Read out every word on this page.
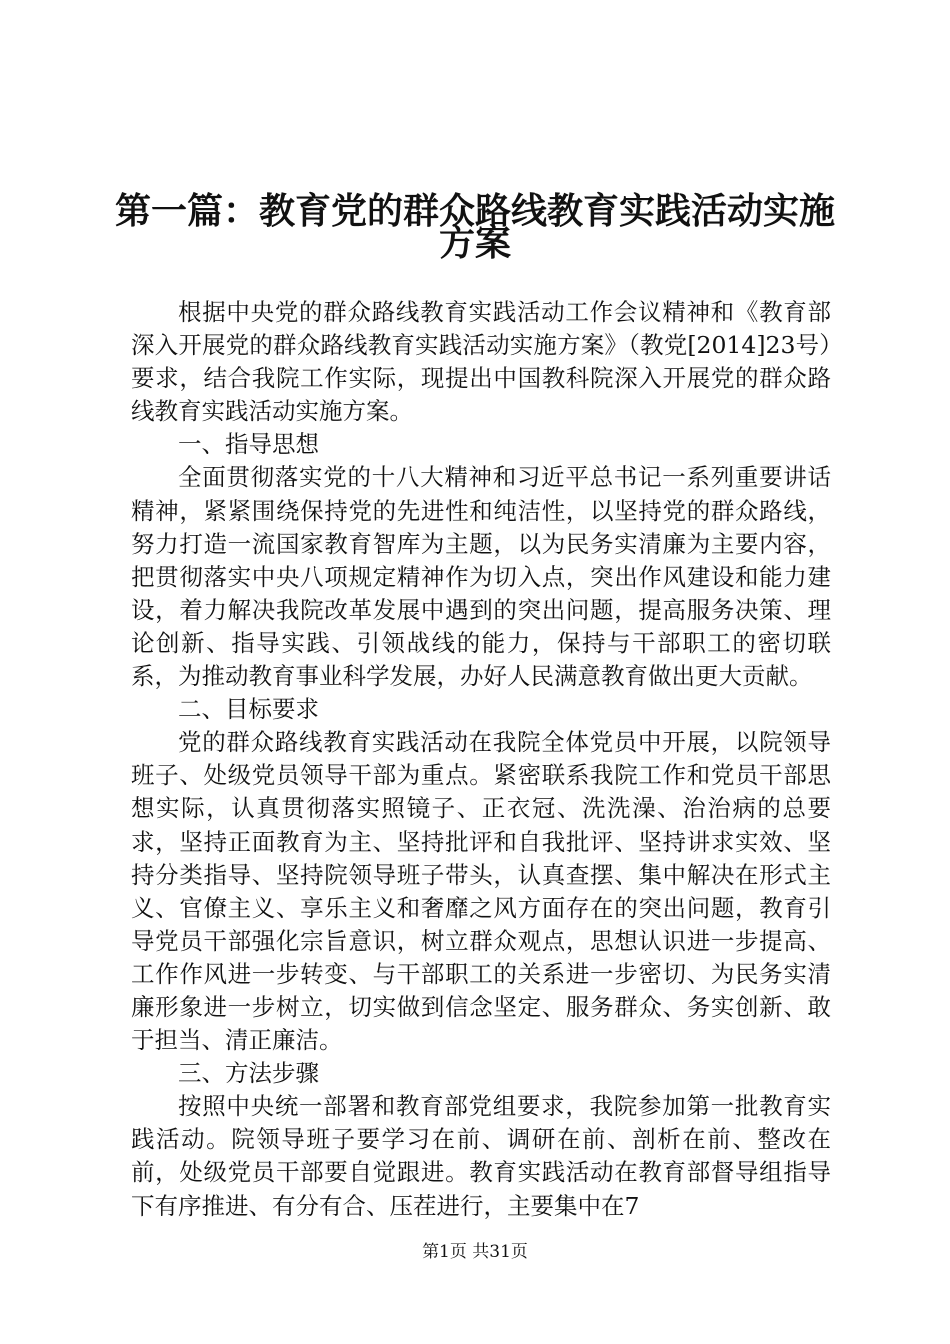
第一篇：教育党的群众路线教育实践活动实施
方案

根据中央党的群众路线教育实践活动工作会议精神和《教育部深入开展党的群众路线教育实践活动实施方案》（教党[2014]23号）要求，结合我院工作实际，现提出中国教科院深入开展党的群众路线教育实践活动实施方案。

一、指导思想

全面贯彻落实党的十八大精神和习近平总书记一系列重要讲话精神，紧紧围绕保持党的先进性和纯洁性，以坚持党的群众路线，努力打造一流国家教育智库为主题，以为民务实清廉为主要内容，把贯彻落实中央八项规定精神作为切入点，突出作风建设和能力建设，着力解决我院改革发展中遇到的突出问题，提高服务决策、理论创新、指导实践、引领战线的能力，保持与干部职工的密切联系，为推动教育事业科学发展，办好人民满意教育做出更大贡献。

二、目标要求

党的群众路线教育实践活动在我院全体党员中开展，以院领导班子、处级党员领导干部为重点。紧密联系我院工作和党员干部思想实际，认真贯彻落实照镜子、正衣冠、洗洗澡、治治病的总要求，坚持正面教育为主、坚持批评和自我批评、坚持讲求实效、坚持分类指导、坚持院领导班子带头，认真查摆、集中解决在形式主义、官僚主义、享乐主义和奢靡之风方面存在的突出问题，教育引导党员干部强化宗旨意识，树立群众观点，思想认识进一步提高、工作作风进一步转变、与干部职工的关系进一步密切、为民务实清廉形象进一步树立，切实做到信念坚定、服务群众、务实创新、敢于担当、清正廉洁。

三、方法步骤

按照中央统一部署和教育部党组要求，我院参加第一批教育实践活动。院领导班子要学习在前、调研在前、剖析在前、整改在前，处级党员干部要自觉跟进。教育实践活动在教育部督导组指导下有序推进、有分有合、压茬进行，主要集中在7

第1页 共31页
